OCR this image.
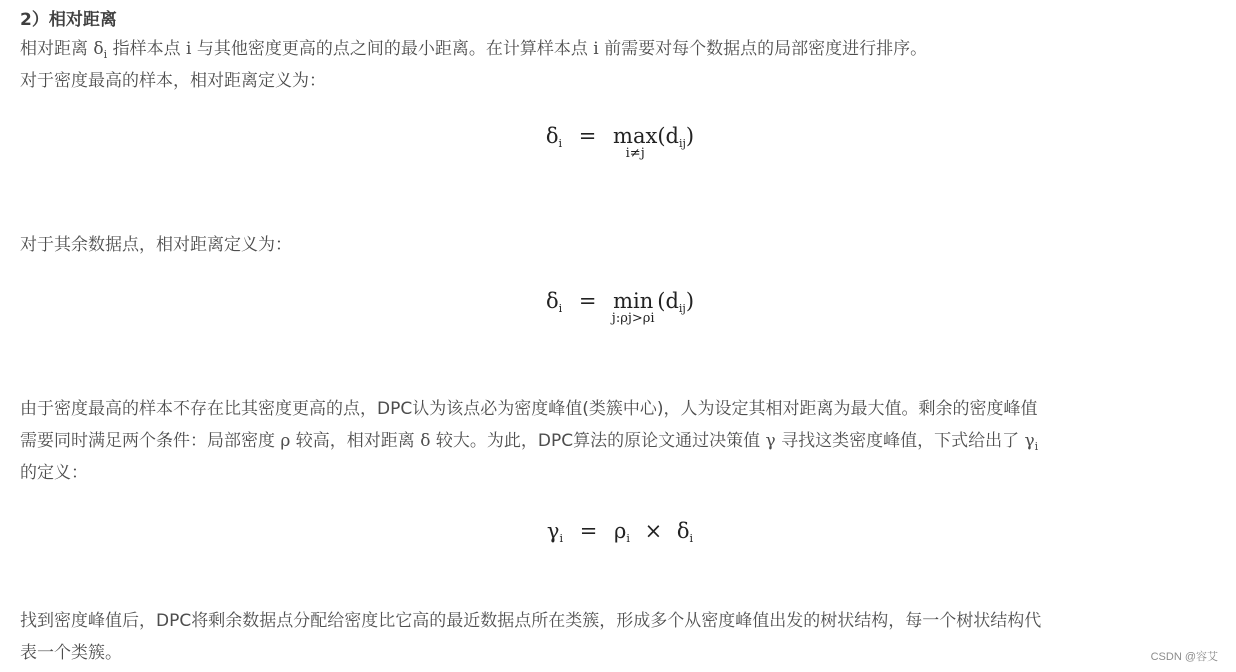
2）相对距离
相对距离 $\delta_i$ 指样本点 i 与其他密度更高的点之间的最小距离。在计算样本点 i 前需要对每个数据点的局部密度进行排序。
对于密度最高的样本，相对距离定义为：
$\delta_i = \max$
i≠j
$(d_{ij})$
对于其余数据点，相对距离定义为：
$\delta_i = \min$
j:ρj>ρi
$(d_{ij})$
由于密度最高的样本不存在比其密度更高的点，DPC认为该点必为密度峰值(类簇中心)，人为设定其相对距离为最大值。剩余的密度峰值
需要同时满足两个条件：局部密度 ρ 较高，相对距离 δ 较大。为此，DPC算法的原论文通过决策值 γ 寻找这类密度峰值，下式给出了 $\gamma_i$
的定义：
$\gamma_i = \rho_i \times \delta_i$
找到密度峰值后，DPC将剩余数据点分配给密度比它高的最近数据点所在类簇，形成多个从密度峰值出发的树状结构，每一个树状结构代
表一个类簇。	CSDN @容艾
